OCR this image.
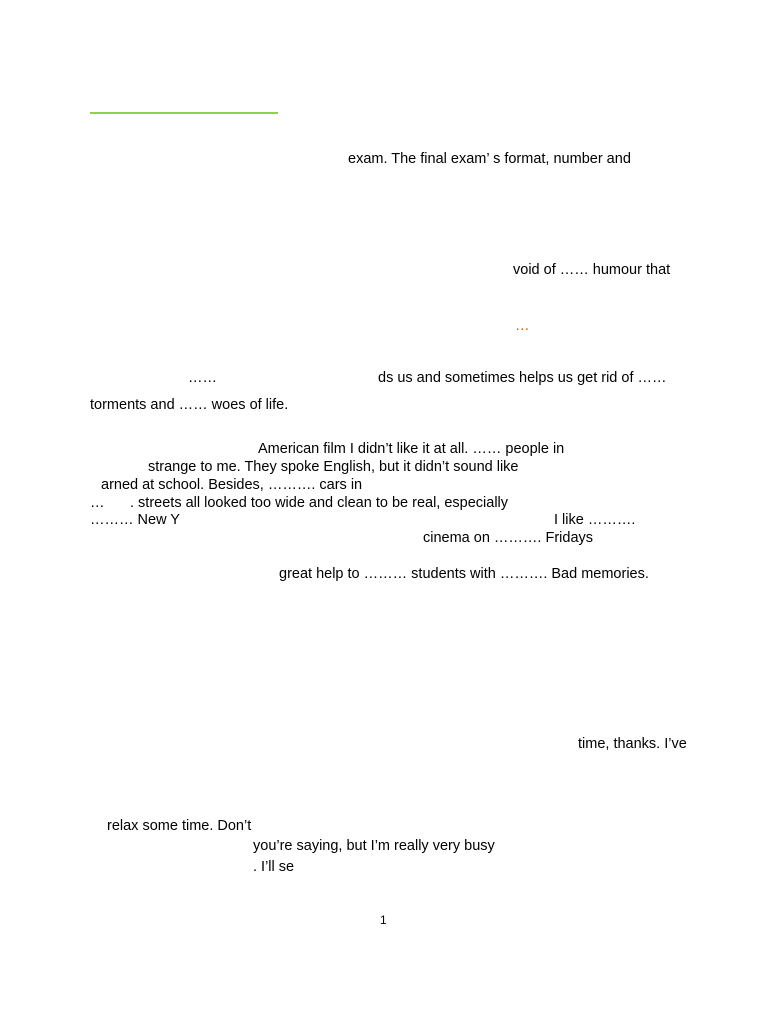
exam. The final exam’ s format, number and
void of …… humour that
…
……	ds us and sometimes helps us get rid of ……
torments and …… woes of life.
American film I didn’t like it at all. …… people in
strange to me. They spoke English, but it didn’t sound like
arned at school. Besides, ………. cars in
… . streets all looked too wide and clean to be real, especially
……… New Y	I like ……….
cinema on ………. Fridays
great help to ……… students with ………. Bad memories.
time, thanks. I’ve
relax some time. Don’t
you’re saying, but I’m really very busy
. I’ll se
1
